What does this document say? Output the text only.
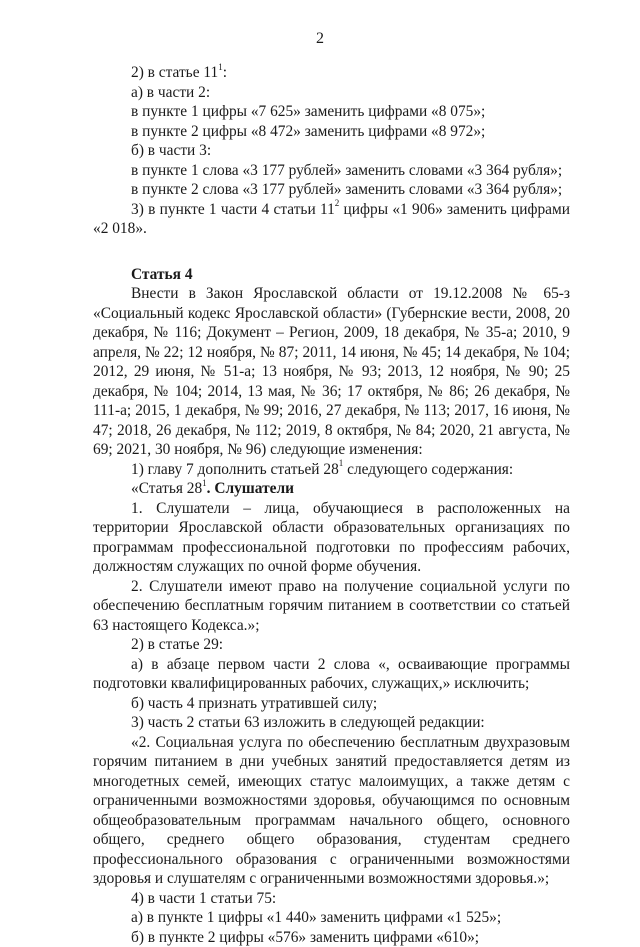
2
2) в статье $11^1$:
а) в части 2:
в пункте 1 цифры «7 625» заменить цифрами «8 075»;
в пункте 2 цифры «8 472» заменить цифрами «8 972»;
б) в части 3:
в пункте 1 слова «3 177 рублей» заменить словами «3 364 рубля»;
в пункте 2 слова «3 177 рублей» заменить словами «3 364 рубля»;
3) в пункте 1 части 4 статьи $11^2$ цифры «1 906» заменить цифрами
«2 018».
Статья 4
Внести в Закон Ярославской области от 19.12.2008 № 65-з «Социальный кодекс Ярославской области» (Губернские вести, 2008, 20 декабря, № 116; Документ – Регион, 2009, 18 декабря, № 35-а; 2010, 9 апреля, № 22; 12 ноября, № 87; 2011, 14 июня, № 45; 14 декабря, № 104; 2012, 29 июня, № 51-а; 13 ноября, № 93; 2013, 12 ноября, № 90; 25 декабря, № 104; 2014, 13 мая, № 36; 17 октября, № 86; 26 декабря, № 111-а; 2015, 1 декабря, № 99; 2016, 27 декабря, № 113; 2017, 16 июня, № 47; 2018, 26 декабря, № 112; 2019, 8 октября, № 84; 2020, 21 августа, № 69; 2021, 30 ноября, № 96) следующие изменения:
1) главу 7 дополнить статьей $28^1$ следующего содержания:
«Статья $28^1$. Слушатели
1. Слушатели – лица, обучающиеся в расположенных на территории Ярославской области образовательных организациях по программам профессиональной подготовки по профессиям рабочих, должностям служащих по очной форме обучения.
2. Слушатели имеют право на получение социальной услуги по обеспечению бесплатным горячим питанием в соответствии со статьей 63 настоящего Кодекса.»;
2) в статье 29:
а) в абзаце первом части 2 слова «, осваивающие программы подготовки квалифицированных рабочих, служащих,» исключить;
б) часть 4 признать утратившей силу;
3) часть 2 статьи 63 изложить в следующей редакции:
«2. Социальная услуга по обеспечению бесплатным двухразовым горячим питанием в дни учебных занятий предоставляется детям из многодетных семей, имеющих статус малоимущих, а также детям с ограниченными возможностями здоровья, обучающимся по основным общеобразовательным программам начального общего, основного общего, среднего общего образования, студентам среднего профессионального образования с ограниченными возможностями здоровья и слушателям с ограниченными возможностями здоровья.»;
4) в части 1 статьи 75:
а) в пункте 1 цифры «1 440» заменить цифрами «1 525»;
б) в пункте 2 цифры «576» заменить цифрами «610»;
